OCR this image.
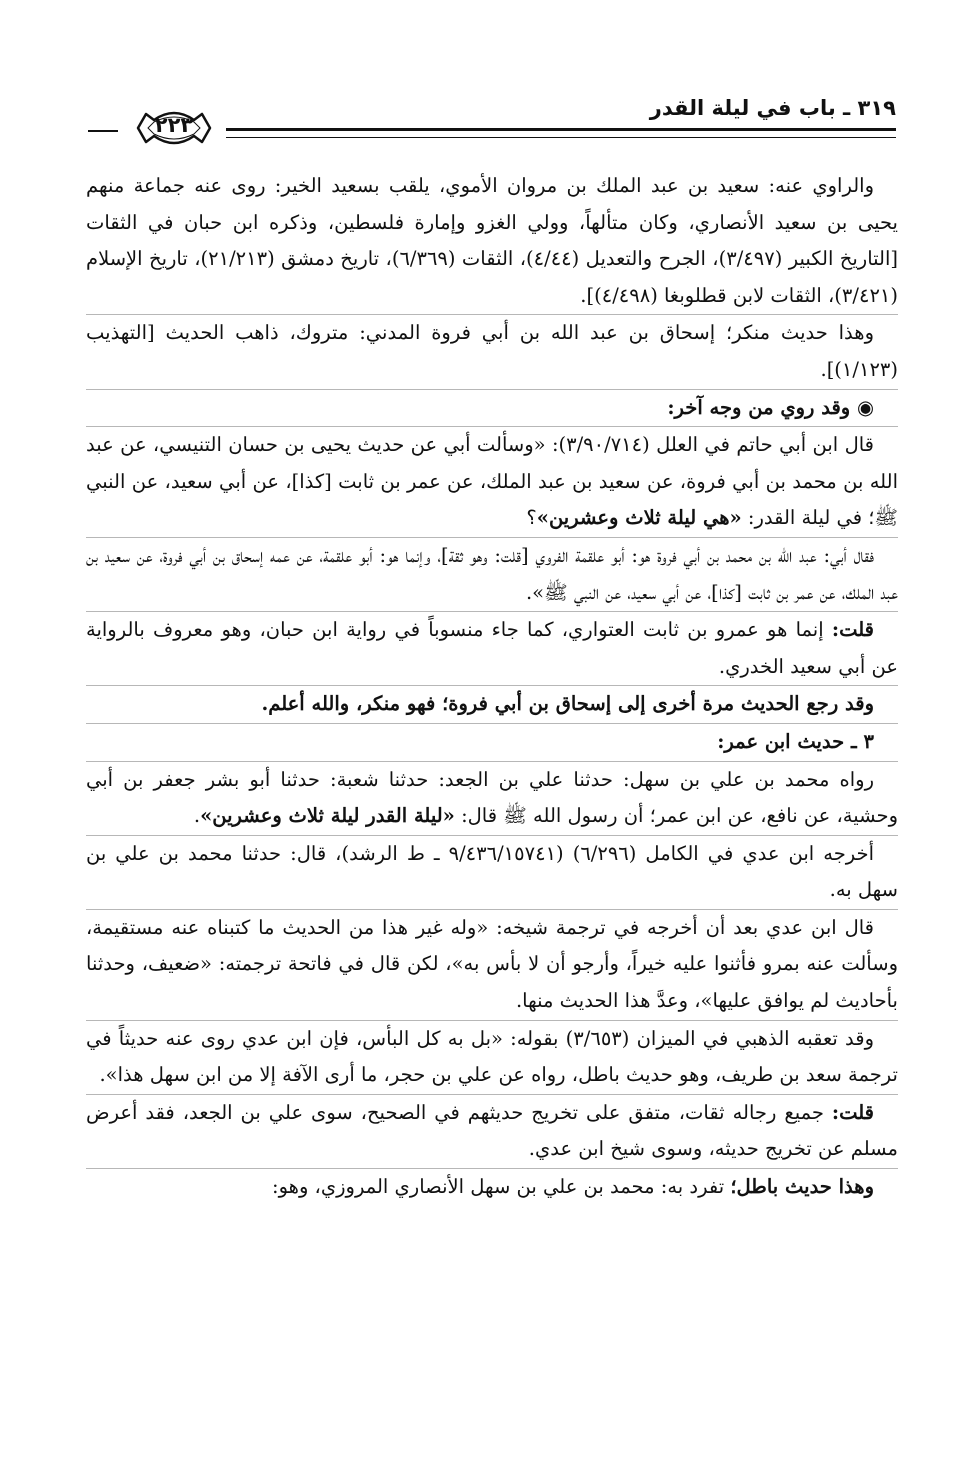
٣١٩ ـ باب في ليلة القدر
٢٢٣

والراوي عنه: سعيد بن عبد الملك بن مروان الأموي، يلقب بسعيد الخير: روى عنه جماعة منهم يحيى بن سعيد الأنصاري، وكان متألهاً، وولي الغزو وإمارة فلسطين، وذكره ابن حبان في الثقات [التاريخ الكبير (٣/٤٩٧)، الجرح والتعديل (٤/٤٤)، الثقات (٦/٣٦٩)، تاريخ دمشق (٢١/٢١٣)، تاريخ الإسلام (٣/٤٢١)، الثقات لابن قطلوبغا (٤/٤٩٨)].

وهذا حديث منكر؛ إسحاق بن عبد الله بن أبي فروة المدني: متروك، ذاهب الحديث [التهذيب (١/١٢٣)].

◉ وقد روي من وجه آخر:

قال ابن أبي حاتم في العلل (٣/٩٠/٧١٤): «وسألت أبي عن حديث يحيى بن حسان التنيسي، عن عبد الله بن محمد بن أبي فروة، عن سعيد بن عبد الملك، عن عمر بن ثابت [كذا]، عن أبي سعيد، عن النبي ﷺ؛ في ليلة القدر: «هي ليلة ثلاث وعشرين»؟

فقال أبي: عبد الله بن محمد بن أبي فروة هو: أبو علقمة الفروي [قلت: وهو ثقة]، وإنما هو: أبو علقمة، عن عمه إسحاق بن أبي فروة، عن سعيد بن عبد الملك، عن عمر بن ثابت [كذا]، عن أبي سعيد، عن النبي ﷺ».

قلت: إنما هو عمرو بن ثابت العتواري، كما جاء منسوباً في رواية ابن حبان، وهو معروف بالرواية عن أبي سعيد الخدري.

وقد رجع الحديث مرة أخرى إلى إسحاق بن أبي فروة؛ فهو منكر، والله أعلم.

٣ ـ حديث ابن عمر:

رواه محمد بن علي بن سهل: حدثنا علي بن الجعد: حدثنا شعبة: حدثنا أبو بشر جعفر بن أبي وحشية، عن نافع، عن ابن عمر؛ أن رسول الله ﷺ قال: «ليلة القدر ليلة ثلاث وعشرين».

أخرجه ابن عدي في الكامل (٦/٢٩٦) (٩/٤٣٦/١٥٧٤١ ـ ط الرشد)، قال: حدثنا محمد بن علي بن سهل به.

قال ابن عدي بعد أن أخرجه في ترجمة شيخه: «وله غير هذا من الحديث ما كتبناه عنه مستقيمة، وسألت عنه بمرو فأثنوا عليه خيراً، وأرجو أن لا بأس به»، لكن قال في فاتحة ترجمته: «ضعيف، وحدثنا بأحاديث لم يوافق عليها»، وعدَّ هذا الحديث منها.

وقد تعقبه الذهبي في الميزان (٣/٦٥٣) بقوله: «بل به كل البأس، فإن ابن عدي روى عنه حديثاً في ترجمة سعد بن طريف، وهو حديث باطل، رواه عن علي بن حجر، ما أرى الآفة إلا من ابن سهل هذا».

قلت: جميع رجاله ثقات، متفق على تخريج حديثهم في الصحيح، سوى علي بن الجعد، فقد أعرض مسلم عن تخريج حديثه، وسوى شيخ ابن عدي.

وهذا حديث باطل؛ تفرد به: محمد بن علي بن سهل الأنصاري المروزي، وهو:
